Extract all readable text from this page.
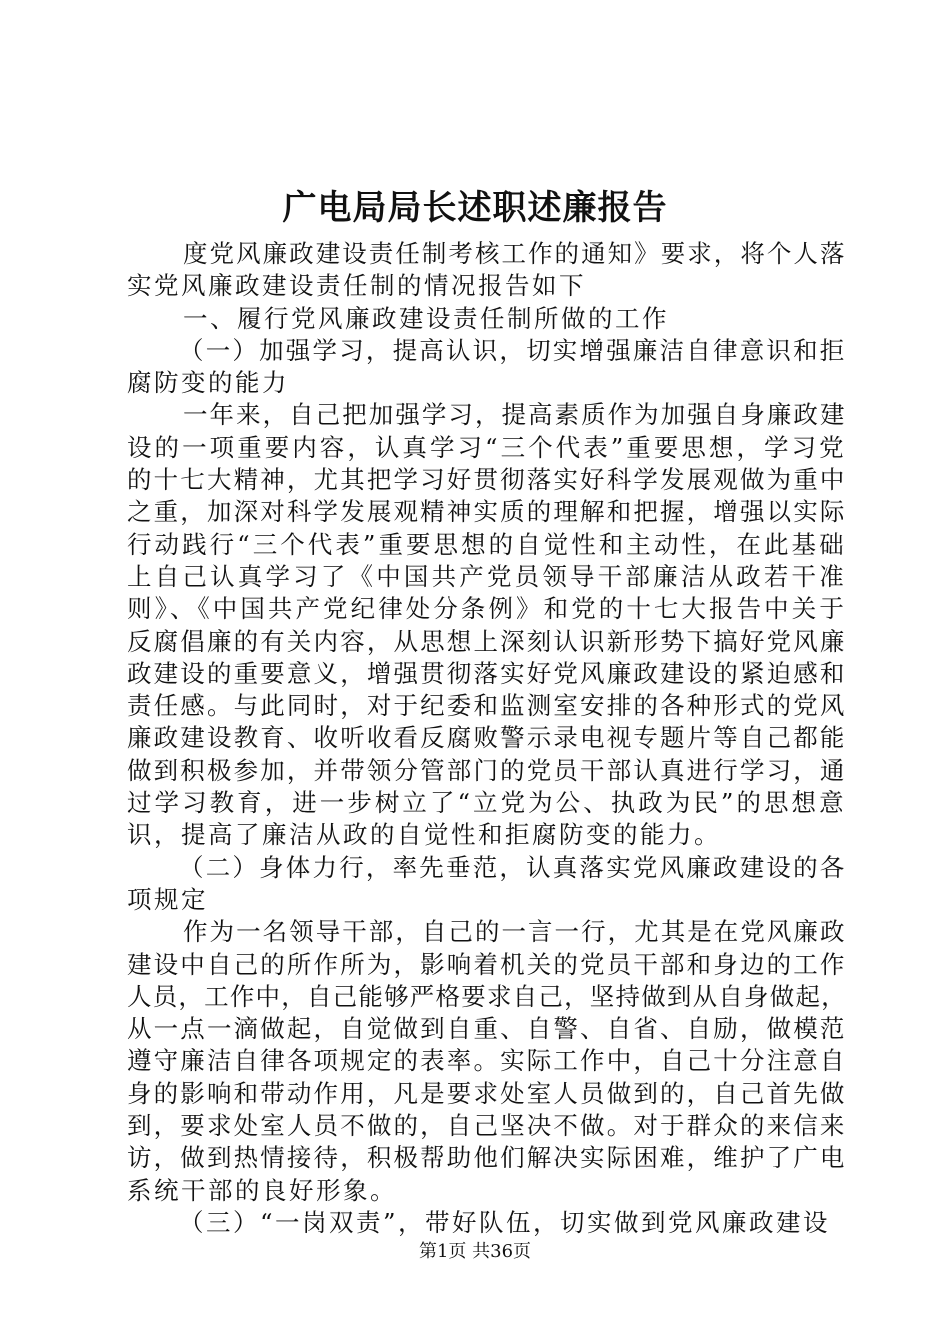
广电局局长述职述廉报告
度党风廉政建设责任制考核工作的通知》要求，将个人落
实党风廉政建设责任制的情况报告如下
一、履行党风廉政建设责任制所做的工作
（一）加强学习，提高认识，切实增强廉洁自律意识和拒
腐防变的能力
一年来，自己把加强学习，提高素质作为加强自身廉政建
设的一项重要内容，认真学习“三个代表”重要思想，学习党
的十七大精神，尤其把学习好贯彻落实好科学发展观做为重中
之重，加深对科学发展观精神实质的理解和把握，增强以实际
行动践行“三个代表”重要思想的自觉性和主动性，在此基础
上自己认真学习了《中国共产党员领导干部廉洁从政若干准
则》、《中国共产党纪律处分条例》和党的十七大报告中关于
反腐倡廉的有关内容，从思想上深刻认识新形势下搞好党风廉
政建设的重要意义，增强贯彻落实好党风廉政建设的紧迫感和
责任感。与此同时，对于纪委和监测室安排的各种形式的党风
廉政建设教育、收听收看反腐败警示录电视专题片等自己都能
做到积极参加，并带领分管部门的党员干部认真进行学习，通
过学习教育，进一步树立了“立党为公、执政为民”的思想意
识，提高了廉洁从政的自觉性和拒腐防变的能力。
（二）身体力行，率先垂范，认真落实党风廉政建设的各
项规定
作为一名领导干部，自己的一言一行，尤其是在党风廉政
建设中自己的所作所为，影响着机关的党员干部和身边的工作
人员，工作中，自己能够严格要求自己，坚持做到从自身做起，
从一点一滴做起，自觉做到自重、自警、自省、自励，做模范
遵守廉洁自律各项规定的表率。实际工作中，自己十分注意自
身的影响和带动作用，凡是要求处室人员做到的，自己首先做
到，要求处室人员不做的，自己坚决不做。对于群众的来信来
访，做到热情接待，积极帮助他们解决实际困难，维护了广电
系统干部的良好形象。
（三）“一岗双责”，带好队伍，切实做到党风廉政建设
第1页 共36页
